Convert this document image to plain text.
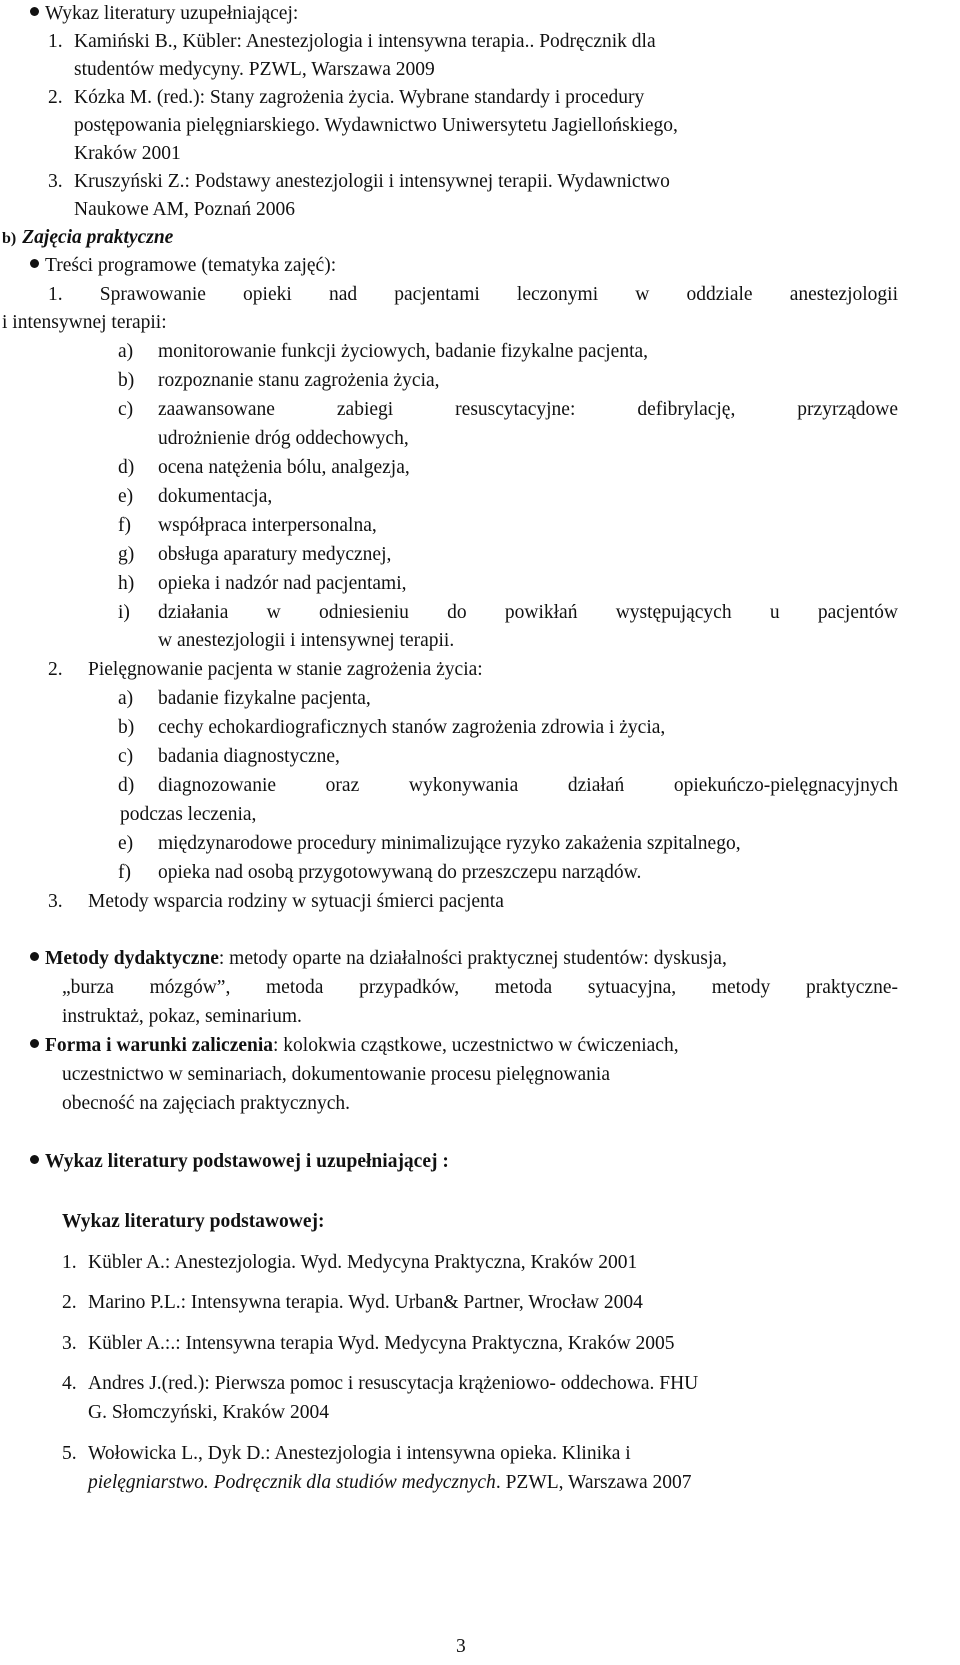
Wykaz literatury uzupełniającej:
1. Kamiński B., Kübler: Anestezjologia i intensywna terapia.. Podręcznik dla
studentów medycyny. PZWL, Warszawa 2009
2. Kózka M. (red.): Stany zagrożenia życia. Wybrane standardy i procedury
postępowania pielęgniarskiego. Wydawnictwo Uniwersytetu Jagiellońskiego,
Kraków 2001
3. Kruszyński Z.: Podstawy anestezjologii i intensywnej terapii. Wydawnictwo
Naukowe AM, Poznań 2006
b) Zajęcia praktyczne
Treści programowe (tematyka zajęć):
1. Sprawowanie opieki nad pacjentami leczonymi w oddziale anestezjologii
i intensywnej terapii:
a) monitorowanie funkcji życiowych, badanie fizykalne pacjenta,
b) rozpoznanie stanu zagrożenia życia,
c) zaawansowane zabiegi resuscytacyjne: defibrylację, przyrządowe
udrożnienie dróg oddechowych,
d) ocena natężenia bólu, analgezja,
e) dokumentacja,
f) współpraca interpersonalna,
g) obsługa aparatury medycznej,
h) opieka i nadzór nad pacjentami,
i) działania w odniesieniu do powikłań występujących u pacjentów
w anestezjologii i intensywnej terapii.
2. Pielęgnowanie pacjenta w stanie zagrożenia życia:
a) badanie fizykalne pacjenta,
b) cechy echokardiograficznych stanów zagrożenia zdrowia i życia,
c) badania diagnostyczne,
d) diagnozowanie oraz wykonywania działań opiekuńczo-pielęgnacyjnych
podczas leczenia,
e) międzynarodowe procedury minimalizujące ryzyko zakażenia szpitalnego,
f) opieka nad osobą przygotowywaną do przeszczepu narządów.
3. Metody wsparcia rodziny w sytuacji śmierci pacjenta
Metody dydaktyczne: metody oparte na działalności praktycznej studentów: dyskusja,
„burza mózgów”, metoda przypadków, metoda sytuacyjna, metody praktyczne-
instruktaż, pokaz, seminarium.
Forma i warunki zaliczenia: kolokwia cząstkowe, uczestnictwo w ćwiczeniach,
uczestnictwo w seminariach, dokumentowanie procesu pielęgnowania
obecność na zajęciach praktycznych.
Wykaz literatury podstawowej i uzupełniającej :
Wykaz literatury podstawowej:
1. Kübler A.: Anestezjologia. Wyd. Medycyna Praktyczna, Kraków 2001
2. Marino P.L.: Intensywna terapia. Wyd. Urban& Partner, Wrocław 2004
3. Kübler A.:.: Intensywna terapia Wyd. Medycyna Praktyczna, Kraków 2005
4. Andres J.(red.): Pierwsza pomoc i resuscytacja krążeniowo- oddechowa. FHU
G. Słomczyński, Kraków 2004
5. Wołowicka L., Dyk D.: Anestezjologia i intensywna opieka. Klinika i
pielęgniarstwo. Podręcznik dla studiów medycznych. PZWL, Warszawa 2007
3
